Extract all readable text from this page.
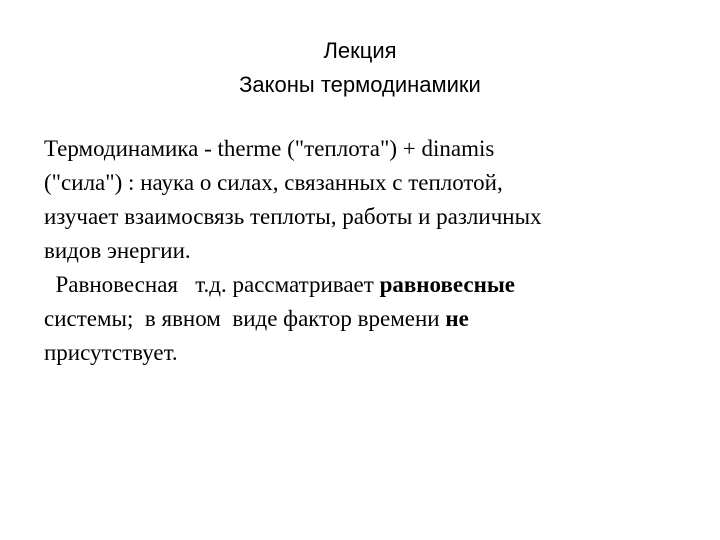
Лекция
Законы термодинамики
Термодинамика - therme ("теплота") + dinamis
("сила") : наука о силах, связанных с теплотой,
изучает взаимосвязь теплоты, работы и различных
видов энергии.
Равновесная   т.д. рассматривает равновесные
системы;  в явном  виде фактор времени не
присутствует.
